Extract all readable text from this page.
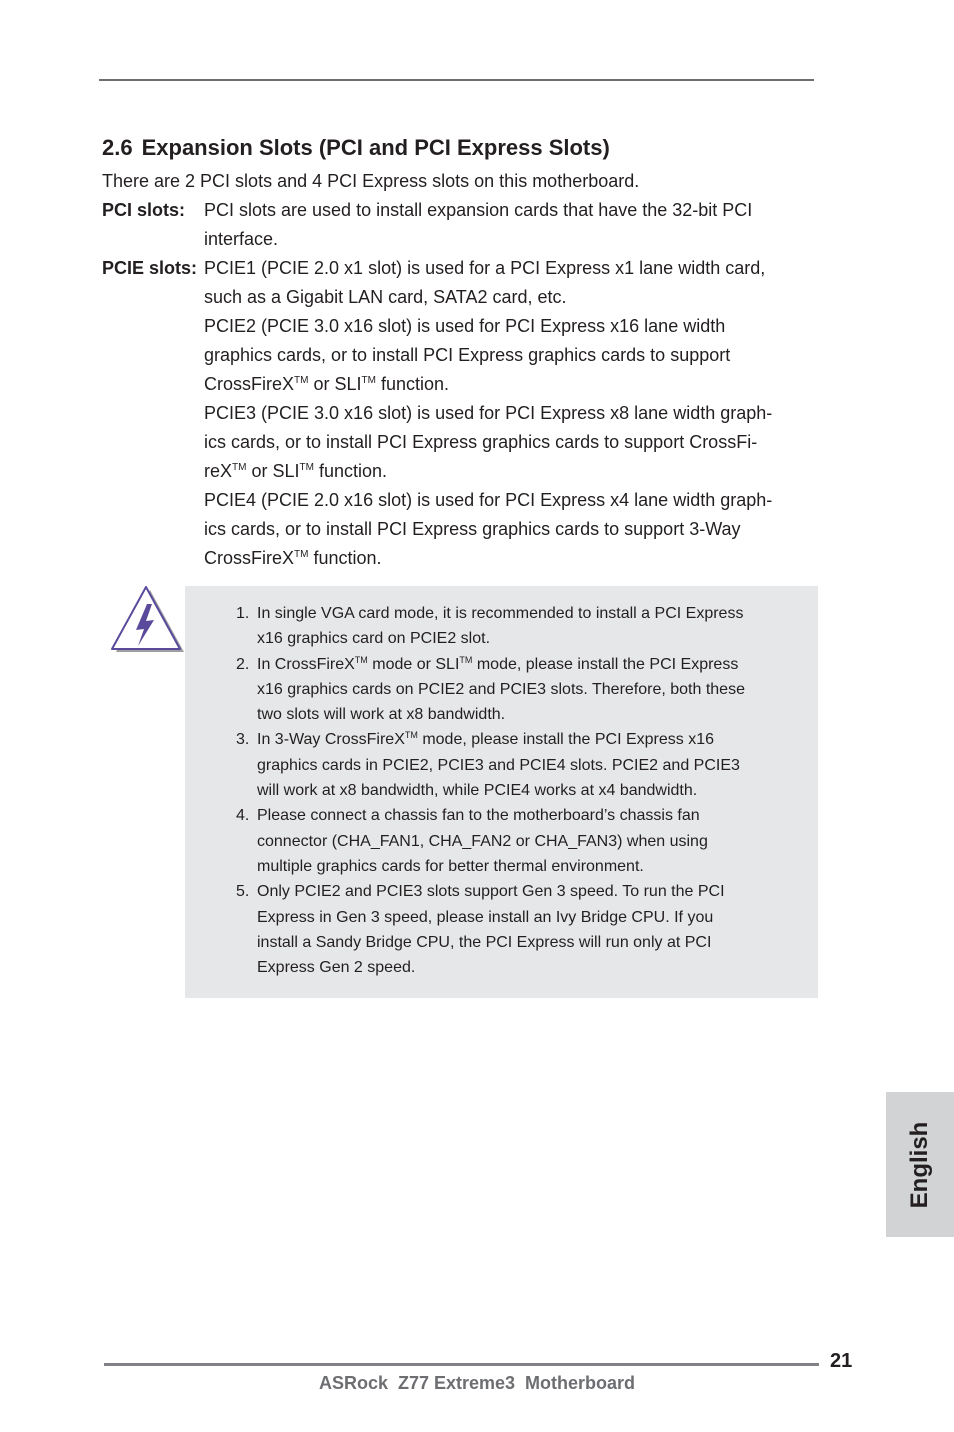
2.6 Expansion Slots (PCI and PCI Express Slots)

There are 2 PCI slots and 4 PCI Express slots on this motherboard.

PCI slots: PCI slots are used to install expansion cards that have the 32-bit PCI

interface.

PCIE slots: PCIE1 (PCIE 2.0 x1 slot) is used for a PCI Express x1 lane width card,

such as a Gigabit LAN card, SATA2 card, etc.

PCIE2 (PCIE 3.0 x16 slot) is used for PCI Express x16 lane width

graphics cards, or to install PCI Express graphics cards to support

CrossFireX™ or SLI™ function.

PCIE3 (PCIE 3.0 x16 slot) is used for PCI Express x8 lane width graph-

ics cards, or to install PCI Express graphics cards to support CrossFi-

reX™ or SLI™ function.

PCIE4 (PCIE 2.0 x16 slot) is used for PCI Express x4 lane width graph-

ics cards, or to install PCI Express graphics cards to support 3-Way

CrossFireX™ function.

1. In single VGA card mode, it is recommended to install a PCI Express
x16 graphics card on PCIE2 slot.
2. In CrossFireX™ mode or SLI™ mode, please install the PCI Express
x16 graphics cards on PCIE2 and PCIE3 slots. Therefore, both these
two slots will work at x8 bandwidth.
3. In 3-Way CrossFireX™ mode, please install the PCI Express x16
graphics cards in PCIE2, PCIE3 and PCIE4 slots. PCIE2 and PCIE3
will work at x8 bandwidth, while PCIE4 works at x4 bandwidth.
4. Please connect a chassis fan to the motherboard’s chassis fan
connector (CHA_FAN1, CHA_FAN2 or CHA_FAN3) when using
multiple graphics cards for better thermal environment.
5. Only PCIE2 and PCIE3 slots support Gen 3 speed. To run the PCI
Express in Gen 3 speed, please install an Ivy Bridge CPU. If you
install a Sandy Bridge CPU, the PCI Express will run only at PCI
Express Gen 2 speed.
English
21
ASRock  Z77 Extreme3  Motherboard
